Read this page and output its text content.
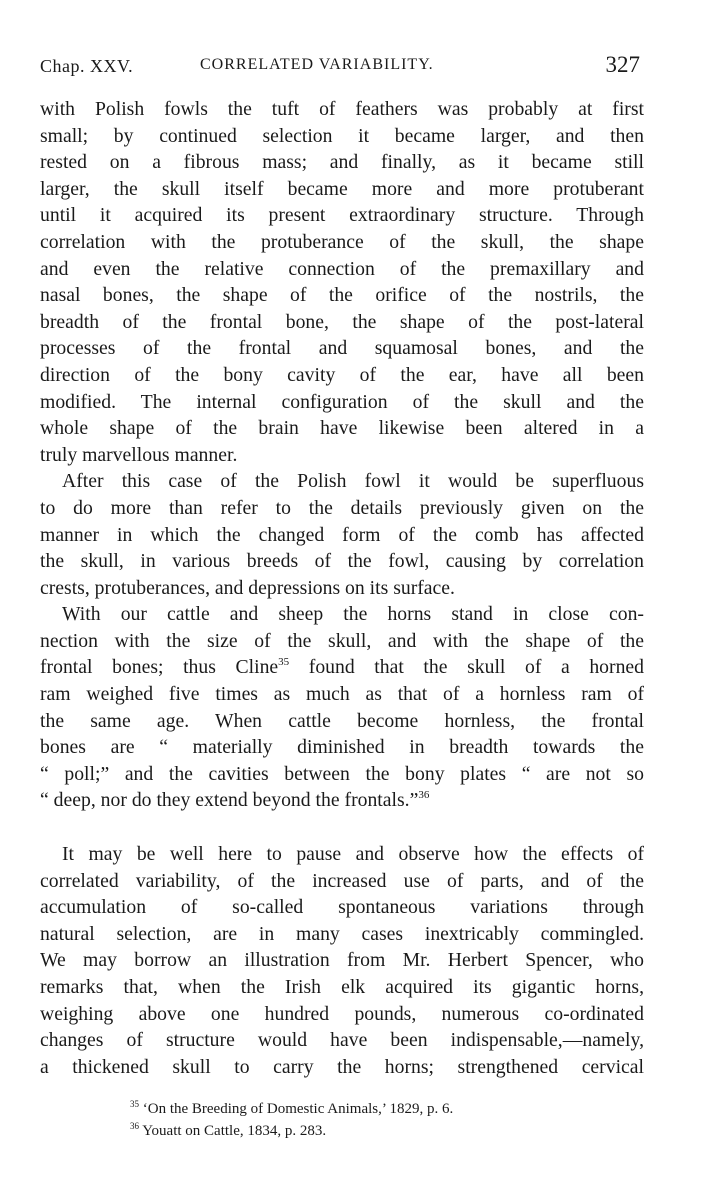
Chap. XXV.	CORRELATED VARIABILITY.	327
with Polish fowls the tuft of feathers was probably at first
small; by continued selection it became larger, and then
rested on a fibrous mass; and finally, as it became still
larger, the skull itself became more and more protuberant
until it acquired its present extraordinary structure. Through
correlation with the protuberance of the skull, the shape
and even the relative connection of the premaxillary and
nasal bones, the shape of the orifice of the nostrils, the
breadth of the frontal bone, the shape of the post-lateral
processes of the frontal and squamosal bones, and the
direction of the bony cavity of the ear, have all been
modified. The internal configuration of the skull and the
whole shape of the brain have likewise been altered in a
truly marvellous manner.
After this case of the Polish fowl it would be superfluous
to do more than refer to the details previously given on the
manner in which the changed form of the comb has affected
the skull, in various breeds of the fowl, causing by correlation
crests, protuberances, and depressions on its surface.
With our cattle and sheep the horns stand in close con-
nection with the size of the skull, and with the shape of the
frontal bones; thus Cline$^{35}$ found that the skull of a horned
ram weighed five times as much as that of a hornless ram of
the same age. When cattle become hornless, the frontal
bones are “ materially diminished in breadth towards the
“ poll;” and the cavities between the bony plates “ are not so
“ deep, nor do they extend beyond the frontals.”$^{36}$
It may be well here to pause and observe how the effects of
correlated variability, of the increased use of parts, and of the
accumulation of so-called spontaneous variations through
natural selection, are in many cases inextricably commingled.
We may borrow an illustration from Mr. Herbert Spencer, who
remarks that, when the Irish elk acquired its gigantic horns,
weighing above one hundred pounds, numerous co-ordinated
changes of structure would have been indispensable,—namely,
a thickened skull to carry the horns; strengthened cervical
$^{35}$ ‘On the Breeding of Domestic Animals,’ 1829, p. 6.
$^{36}$ Youatt on Cattle, 1834, p. 283.
